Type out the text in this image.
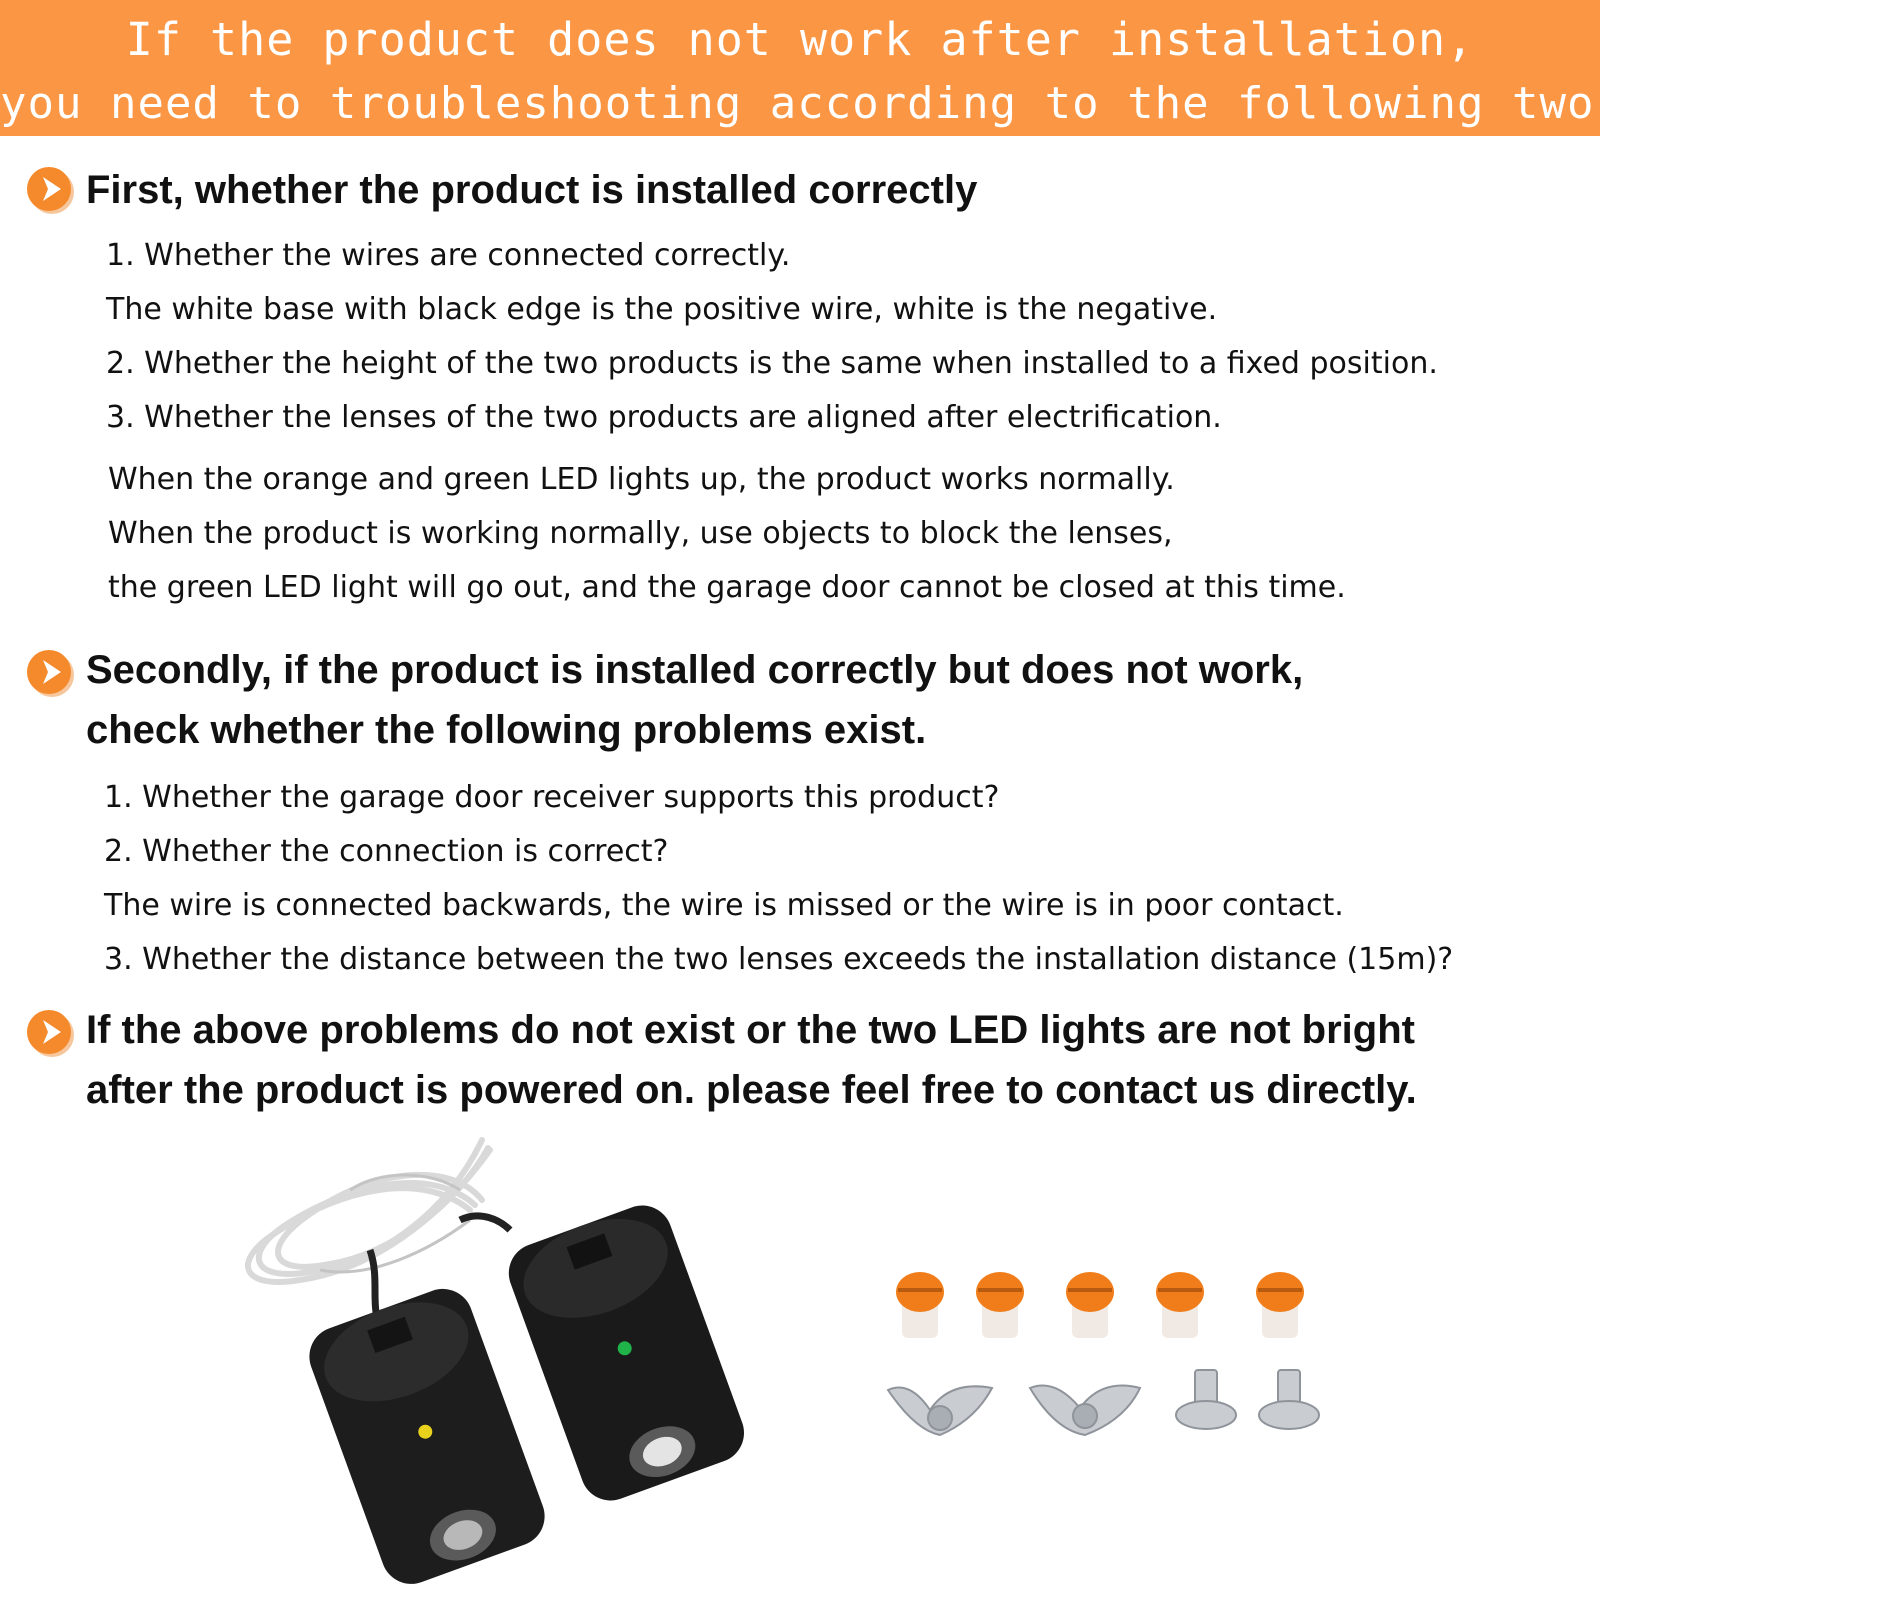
If the product does not work after installation,
you need to troubleshooting according to the following two situations
First, whether the product is installed correctly
1. Whether the wires are connected correctly.
The white base with black edge is the positive wire, white is the negative.
2. Whether the height of the two products is the same when installed to a fixed position.
3. Whether the lenses of the two products are aligned after electrification.
When the orange and green LED lights up, the product works normally.
When the product is working normally, use objects to block the lenses,
the green LED light will go out, and the garage door cannot be closed at this time.
Secondly, if the product is installed correctly but does not work,
check whether the following problems exist.
1. Whether the garage door receiver supports this product?
2. Whether the connection is correct?
The wire is connected backwards, the wire is missed or the wire is in poor contact.
3. Whether the distance between the two lenses exceeds the installation distance (15m)?
If the above problems do not exist or the two LED lights are not bright
after the product is powered on. please feel free to contact us directly.
